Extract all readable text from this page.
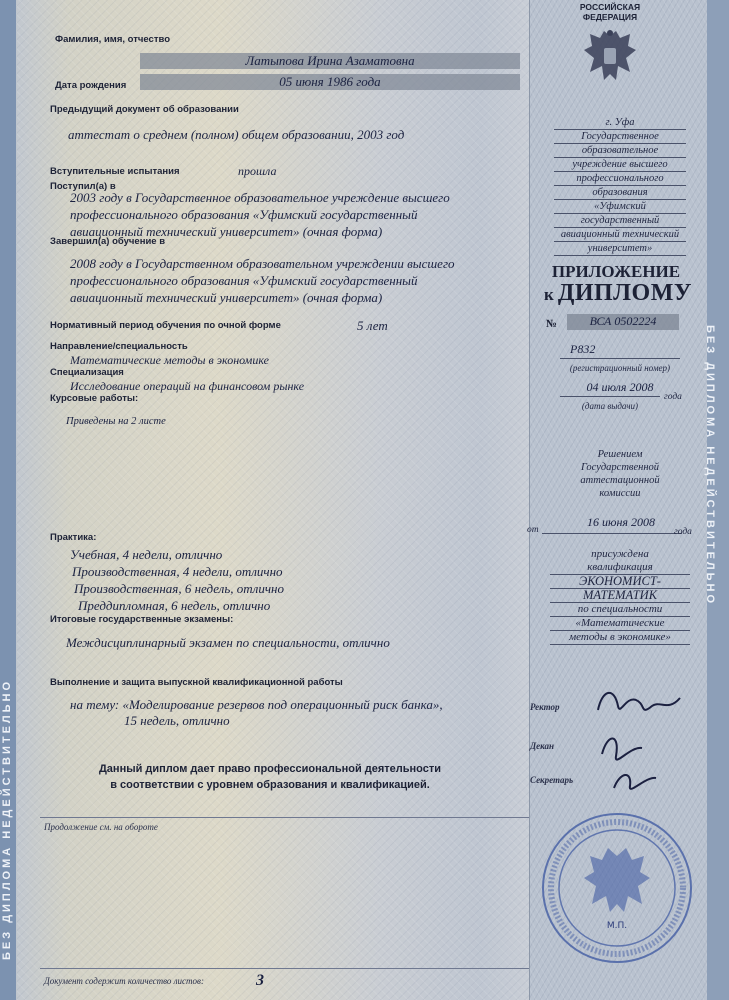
БЕЗ ДИПЛОМА НЕДЕЙСТВИТЕЛЬНО
Фамилия, имя, отчество
Латыпова Ирина Азаматовна
Дата рождения	05 июня 1986 года
Предыдущий документ об образовании
аттестат о среднем (полном) общем образовании, 2003 год
Вступительные испытания	прошла
Поступил(а) в
2003 году в Государственное образовательное учреждение высшего
профессионального образования «Уфимский государственный
авиационный технический университет» (очная форма)
Завершил(а) обучение в
2008 году в Государственном образовательном учреждении высшего
профессионального образования «Уфимский государственный
авиационный технический университет» (очная форма)
Нормативный период обучения по очной форме	5 лет
Направление/специальность
Математические методы в экономике
Специализация
Исследование операций на финансовом рынке
Курсовые работы:
Приведены на 2 листе
Практика:
Учебная, 4 недели, отлично
Производственная, 4 недели, отлично
Производственная, 6 недель, отлично
Преддипломная, 6 недель, отлично
Итоговые государственные экзамены:
Междисциплинарный экзамен по специальности, отлично
Выполнение и защита выпускной квалификационной работы
на тему: «Моделирование резервов под операционный риск банка»,
15 недель, отлично
Данный диплом дает право профессиональной деятельности
в соответствии с уровнем образования и квалификацией.
Продолжение см. на обороте
Документ содержит количество листов:	3
РОССИЙСКАЯ
ФЕДЕРАЦИЯ
г. Уфа
Государственное
образовательное
учреждение высшего
профессионального
образования
«Уфимский
государственный
авиационный технический
университет»
ПРИЛОЖЕНИЕ
к ДИПЛОМУ
№	ВСА 0502224
Р832
(регистрационный номер)
04 июля 2008
года
(дата выдачи)
Решением
Государственной
аттестационной
комиссии
от
16 июня 2008
года
присуждена
квалификация
ЭКОНОМИСТ-
МАТЕМАТИК
по специальности
«Математические
методы в экономике»
Ректор
Декан
Секретарь
М.П.
БЕЗ ДИПЛОМА НЕДЕЙСТВИТЕЛЬНО
